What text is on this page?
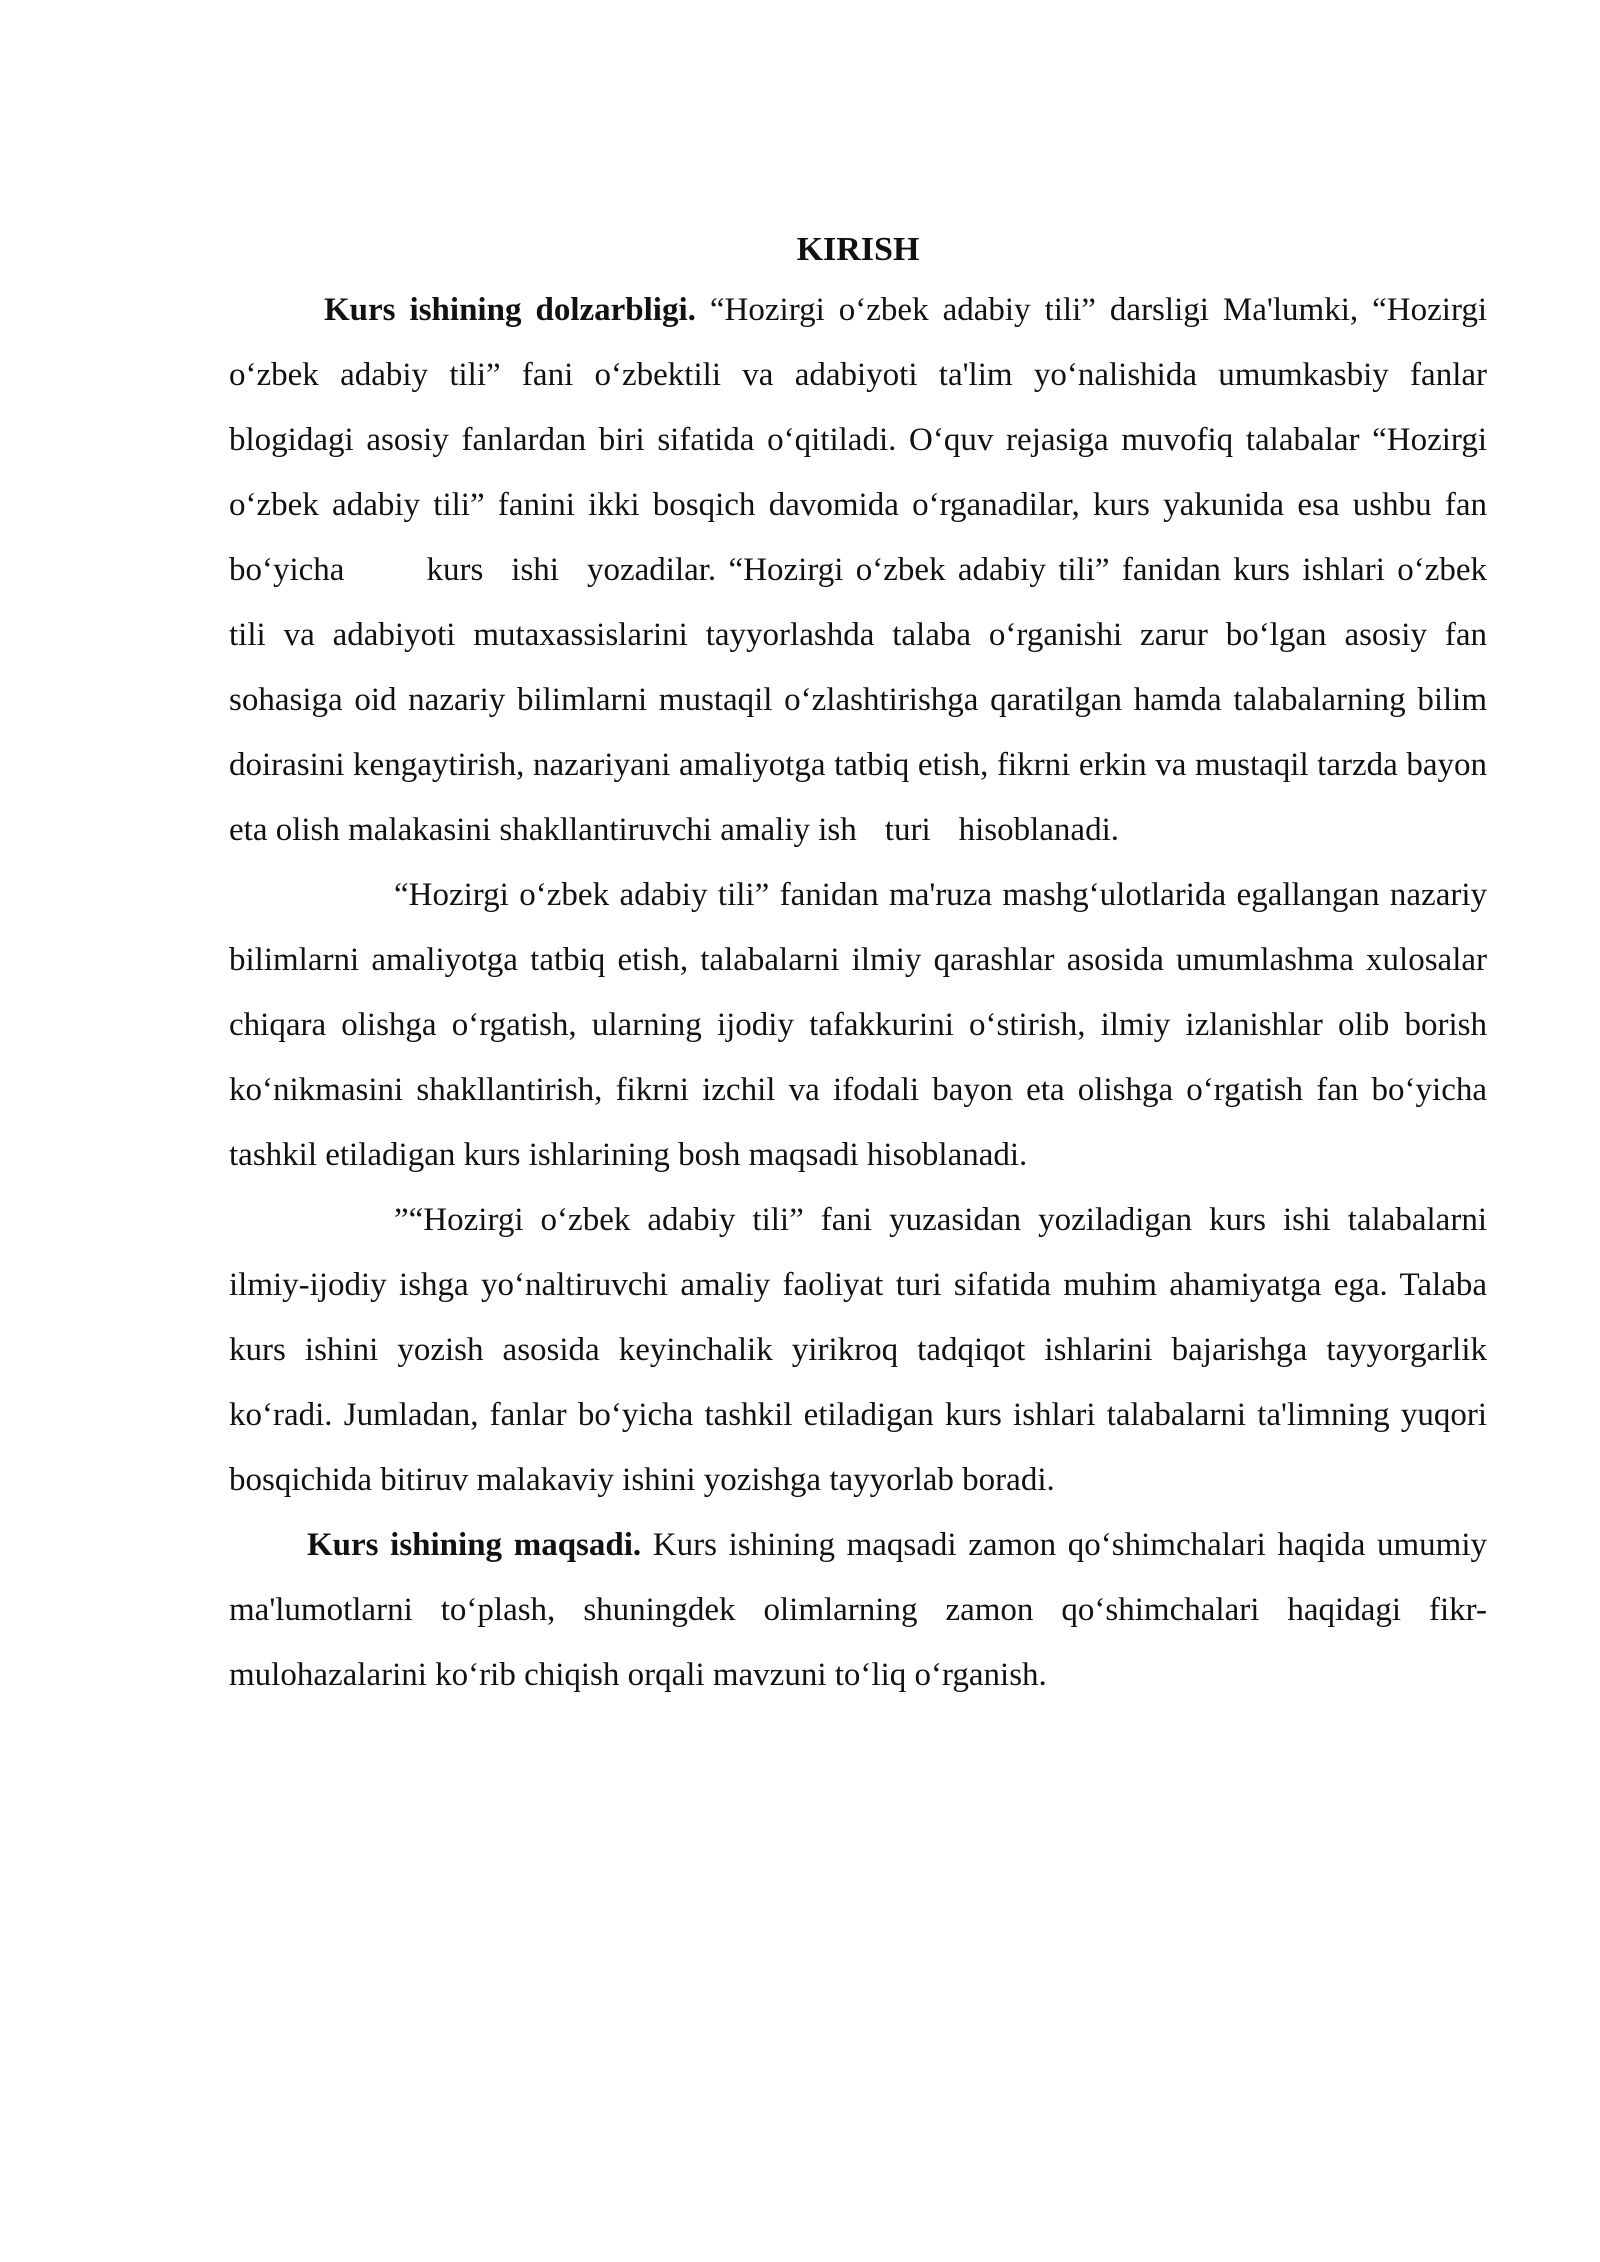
KIRISH

Kurs ishining dolzarbligi. “Hozirgi o‘zbek adabiy tili” darsligi Ma'lumki, “Hozirgi o‘zbek adabiy tili” fani o‘zbektili va adabiyoti ta'lim yo‘nalishida umumkasbiy fanlar blogidagi asosiy fanlardan biri sifatida o‘qitiladi. O‘quv rejasiga muvofiq talabalar “Hozirgi o‘zbek adabiy tili” fanini ikki bosqich davomida o‘rganadilar, kurs yakunida esa ushbu fan bo‘yicha kurs ishi yozadilar. “Hozirgi o‘zbek adabiy tili” fanidan kurs ishlari o‘zbek tili va adabiyoti mutaxassislarini tayyorlashda talaba o‘rganishi zarur bo‘lgan asosiy fan sohasiga oid nazariy bilimlarni mustaqil o‘zlashtirishga qaratilgan hamda talabalarning bilim doirasini kengaytirish, nazariyani amaliyotga tatbiq etish, fikrni erkin va mustaqil tarzda bayon eta olish malakasini shakllantiruvchi amaliy ish turi hisoblanadi.

“Hozirgi o‘zbek adabiy tili” fanidan ma'ruza mashg‘ulotlarida egallangan nazariy bilimlarni amaliyotga tatbiq etish, talabalarni ilmiy qarashlar asosida umumlashma xulosalar chiqara olishga o‘rgatish, ularning ijodiy tafakkurini o‘stirish, ilmiy izlanishlar olib borish ko‘nikmasini shakllantirish, fikrni izchil va ifodali bayon eta olishga o‘rgatish fan bo‘yicha tashkil etiladigan kurs ishlarining bosh maqsadi hisoblanadi.

”“Hozirgi o‘zbek adabiy tili” fani yuzasidan yoziladigan kurs ishi talabalarni ilmiy-ijodiy ishga yo‘naltiruvchi amaliy faoliyat turi sifatida muhim ahamiyatga ega. Talaba kurs ishini yozish asosida keyinchalik yirikroq tadqiqot ishlarini bajarishga tayyorgarlik ko‘radi. Jumladan, fanlar bo‘yicha tashkil etiladigan kurs ishlari talabalarni ta'limning yuqori bosqichida bitiruv malakaviy ishini yozishga tayyorlab boradi.

Kurs ishining maqsadi. Kurs ishining maqsadi zamon qo‘shimchalari haqida umumiy ma'lumotlarni to‘plash, shuningdek olimlarning zamon qo‘shimchalari haqidagi fikr-mulohazalarini ko‘rib chiqish orqali mavzuni to‘liq o‘rganish.
